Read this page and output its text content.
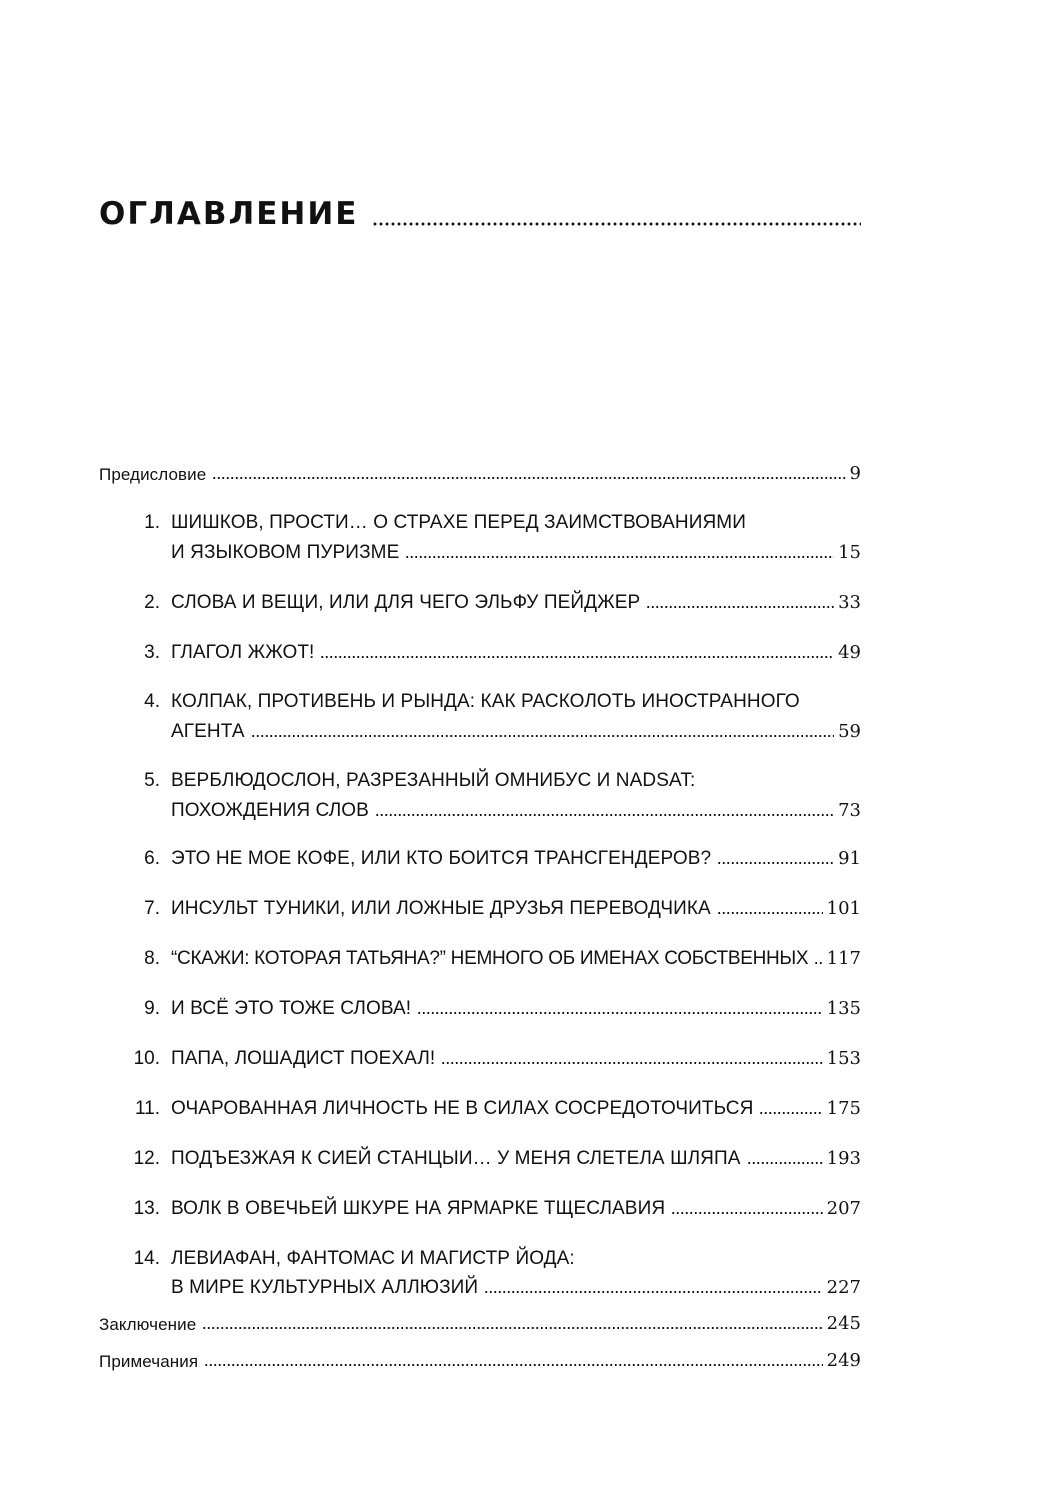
ОГЛАВЛЕНИЕ
Предисловие	9
1. ШИШКОВ, ПРОСТИ… О СТРАХЕ ПЕРЕД ЗАИМСТВОВАНИЯМИ
И ЯЗЫКОВОМ ПУРИЗМЕ	15
2. СЛОВА И ВЕЩИ, ИЛИ ДЛЯ ЧЕГО ЭЛЬФУ ПЕЙДЖЕР	33
3. ГЛАГОЛ ЖЖОТ!	49
4. КОЛПАК, ПРОТИВЕНЬ И РЫНДА: КАК РАСКОЛОТЬ ИНОСТРАННОГО
АГЕНТА	59
5. ВЕРБЛЮДОСЛОН, РАЗРЕЗАННЫЙ ОМНИБУС И NADSAT:
ПОХОЖДЕНИЯ СЛОВ	73
6. ЭТО НЕ МОЕ КОФЕ, ИЛИ КТО БОИТСЯ ТРАНСГЕНДЕРОВ?	91
7. ИНСУЛЬТ ТУНИКИ, ИЛИ ЛОЖНЫЕ ДРУЗЬЯ ПЕРЕВОДЧИКА	101
8. “СКАЖИ: КОТОРАЯ ТАТЬЯНА?” НЕМНОГО ОБ ИМЕНАХ СОБСТВЕННЫХ 117
9. И ВСЁ ЭТО ТОЖЕ СЛОВА!	135
10. ПАПА, ЛОШАДИСТ ПОЕХАЛ!	153
11. ОЧАРОВАННАЯ ЛИЧНОСТЬ НЕ В СИЛАХ СОСРЕДОТОЧИТЬСЯ	175
12. ПОДЪЕЗЖАЯ К СИЕЙ СТАНЦЫИ… У МЕНЯ СЛЕТЕЛА ШЛЯПА	193
13. ВОЛК В ОВЕЧЬЕЙ ШКУРЕ НА ЯРМАРКЕ ТЩЕСЛАВИЯ	207
14. ЛЕВИАФАН, ФАНТОМАС И МАГИСТР ЙОДА:
В МИРЕ КУЛЬТУРНЫХ АЛЛЮЗИЙ	227
Заключение	245
Примечания	249
